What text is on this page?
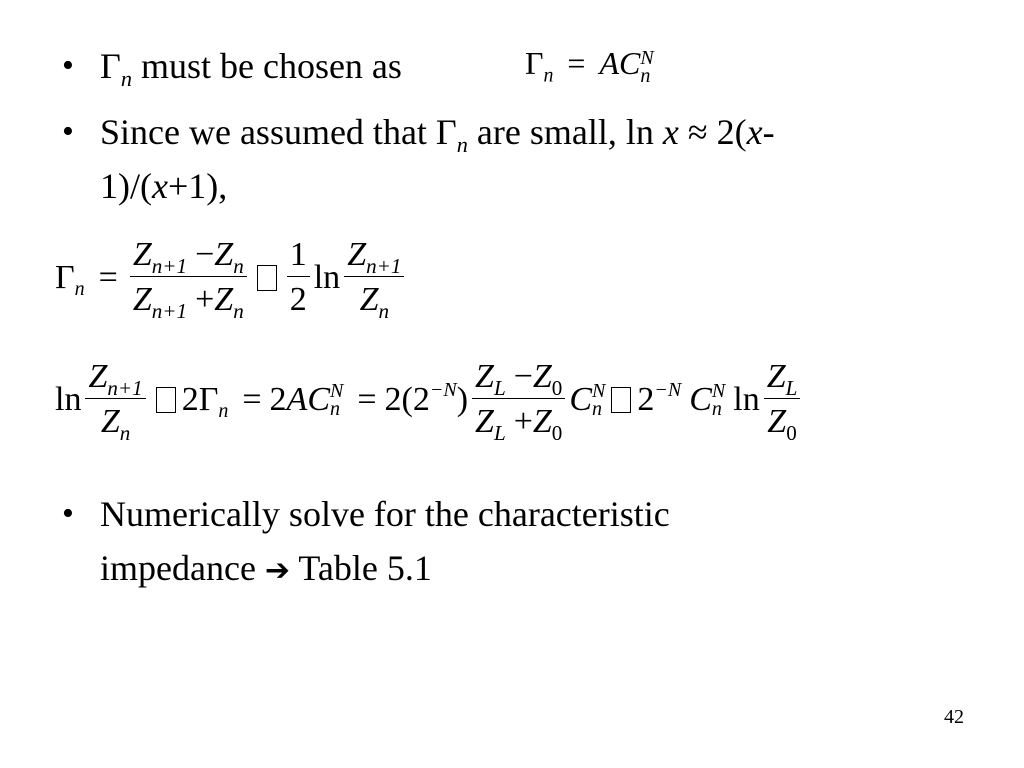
• $\Gamma_n$ must be chosen as	$\Gamma_n$ = AC N
n
• Since we assumed that $\Gamma_n$ are small, ln x ≈ 2(x-
1)/(x+1),
Γ $n = \frac{Z_{n+1} -Z_n}{Z_{n+1} +Z_n} \frac{1}{2}$ $\ln \frac{Z_{n+1}}{Z_n}$
$\ln \frac{Z_{n+1}}{Z_n} 2$ Γ n = 2 A C N
n = 2(2 −N ) $\frac{Z_L -Z_0}{Z_L +Z_0}$ C N
n 2 −N C N
n $\ln \frac{Z_L}{Z_0}$
• Numerically solve for the characteristic
impedance ➔ Table 5.1
42
